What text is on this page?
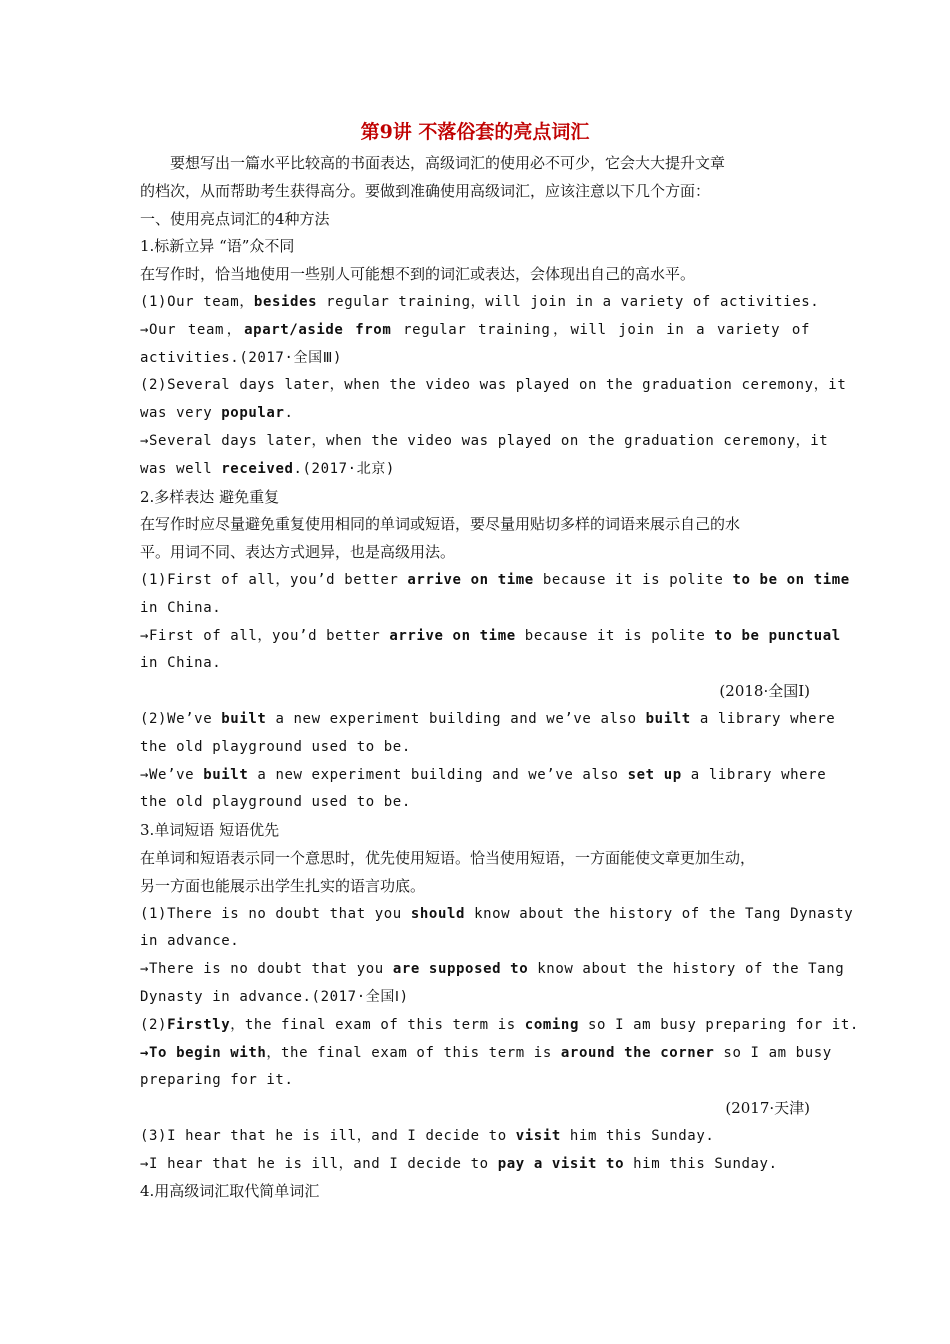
第9讲 不落俗套的亮点词汇
要想写出一篇水平比较高的书面表达，高级词汇的使用必不可少，它会大大提升文章
的档次，从而帮助考生获得高分。要做到准确使用高级词汇，应该注意以下几个方面：
一、使用亮点词汇的4种方法
1.标新立异 “语”众不同
在写作时，恰当地使用一些别人可能想不到的词汇或表达，会体现出自己的高水平。
(1)Our team，besides regular training，will join in a variety of activities.
→Our team，apart/aside from regular training，will join in a variety of
activities.(2017·全国Ⅲ)
(2)Several days later，when the video was played on the graduation ceremony，it
was very popular.
→Several days later，when the video was played on the graduation ceremony，it
was well received.(2017·北京)
2.多样表达 避免重复
在写作时应尽量避免重复使用相同的单词或短语，要尽量用贴切多样的词语来展示自己的水
平。用词不同、表达方式迥异，也是高级用法。
(1)First of all，you’d better arrive on time because it is polite to be on time
in China.
→First of all，you’d better arrive on time because it is polite to be punctual
in China.
(2018·全国Ⅰ)
(2)We’ve built a new experiment building and we’ve also built a library where
the old playground used to be.
→We’ve built a new experiment building and we’ve also set up a library where
the old playground used to be.
3.单词短语 短语优先
在单词和短语表示同一个意思时，优先使用短语。恰当使用短语，一方面能使文章更加生动，
另一方面也能展示出学生扎实的语言功底。
(1)There is no doubt that you should know about the history of the Tang Dynasty
in advance.
→There is no doubt that you are supposed to know about the history of the Tang
Dynasty in advance.(2017·全国Ⅰ)
(2)Firstly，the final exam of this term is coming so I am busy preparing for it.
→To begin with，the final exam of this term is around the corner so I am busy
preparing for it.
(2017·天津)
(3)I hear that he is ill，and I decide to visit him this Sunday.
→I hear that he is ill，and I decide to pay a visit to him this Sunday.
4.用高级词汇取代简单词汇
